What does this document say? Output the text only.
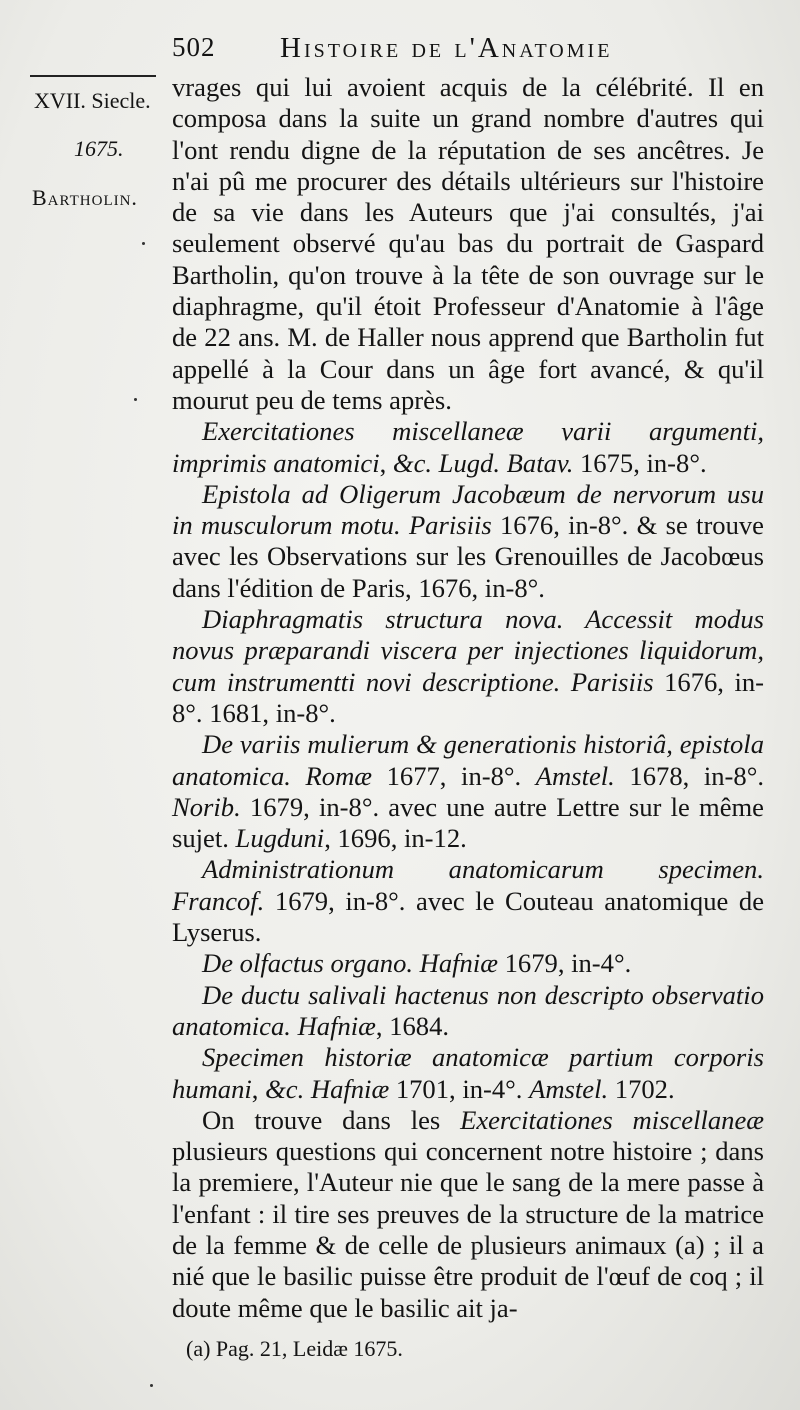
502 Histoire de l'Anatomie
XVII. Siecle.
1675.
Bartholin.

vrages qui lui avoient acquis de la célébrité. Il en composa dans la suite un grand nombre d'autres qui l'ont rendu digne de la réputation de ses ancêtres. Je n'ai pû me procurer des détails ultérieurs sur l'histoire de sa vie dans les Auteurs que j'ai consultés, j'ai seulement observé qu'au bas du portrait de Gaspard Bartholin, qu'on trouve à la tête de son ouvrage sur le diaphragme, qu'il étoit Professeur d'Anatomie à l'âge de 22 ans. M. de Haller nous apprend que Bartholin fut appellé à la Cour dans un âge fort avancé, & qu'il mourut peu de tems après.

Exercitationes miscellaneæ varii argumenti, imprimis anatomici, &c. Lugd. Batav. 1675, in-8°.

Epistola ad Oligerum Jacobæum de nervorum usu in musculorum motu. Parisiis 1676, in-8°. & se trouve avec les Observations sur les Grenouilles de Jacobœus dans l'édition de Paris, 1676, in-8°.

Diaphragmatis structura nova. Accessit modus novus præparandi viscera per injectiones liquidorum, cum instrumentti novi descriptione. Parisiis 1676, in-8°. 1681, in-8°.

De variis mulierum & generationis historiâ, epistola anatomica. Romæ 1677, in-8°. Amstel. 1678, in-8°. Norib. 1679, in-8°. avec une autre Lettre sur le même sujet. Lugduni, 1696, in-12.

Administrationum anatomicarum specimen. Francof. 1679, in-8°. avec le Couteau anatomique de Lyserus.

De olfactus organo. Hafniæ 1679, in-4°.

De ductu salivali hactenus non descripto observatio anatomica. Hafniæ, 1684.

Specimen historiæ anatomicæ partium corporis humani, &c. Hafniæ 1701, in-4°. Amstel. 1702.

On trouve dans les Exercitationes miscellaneæ plusieurs questions qui concernent notre histoire ; dans la premiere, l'Auteur nie que le sang de la mere passe à l'enfant : il tire ses preuves de la structure de la matrice de la femme & de celle de plusieurs animaux (a) ; il a nié que le basilic puisse être produit de l'œuf de coq ; il doute même que le basilic ait ja-

(a) Pag. 21, Leidæ 1675.
